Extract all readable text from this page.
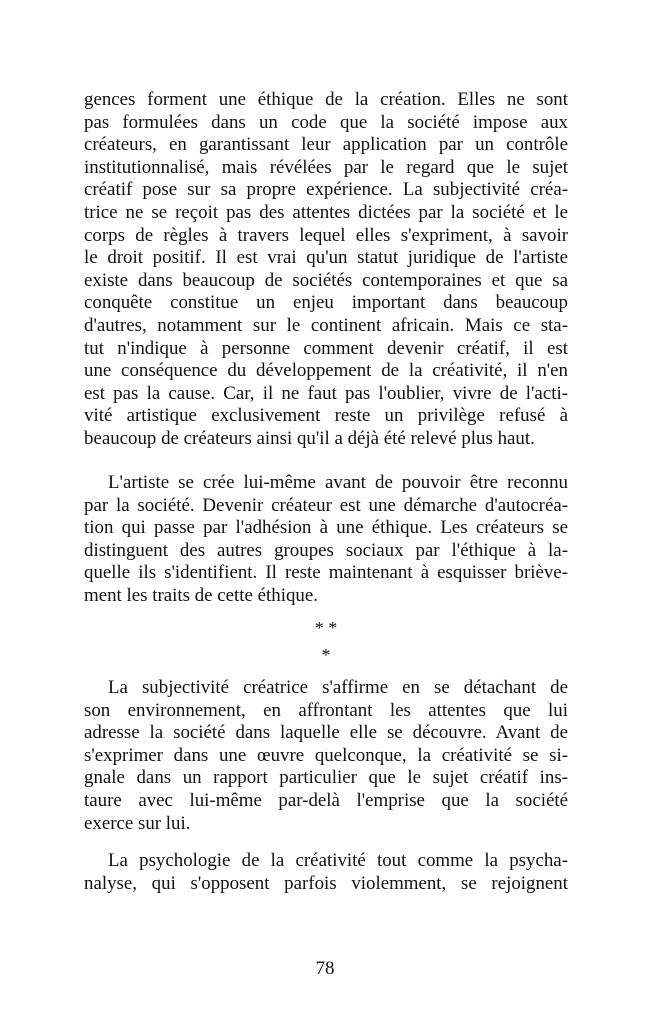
gences forment une éthique de la création. Elles ne sont
pas formulées dans un code que la société impose aux
créateurs, en garantissant leur application par un contrôle
institutionnalisé, mais révélées par le regard que le sujet
créatif pose sur sa propre expérience. La subjectivité créa-
trice ne se reçoit pas des attentes dictées par la société et le
corps de règles à travers lequel elles s'expriment, à savoir
le droit positif. Il est vrai qu'un statut juridique de l'artiste
existe dans beaucoup de sociétés contemporaines et que sa
conquête constitue un enjeu important dans beaucoup
d'autres, notamment sur le continent africain. Mais ce sta-
tut n'indique à personne comment devenir créatif, il est
une conséquence du développement de la créativité, il n'en
est pas la cause. Car, il ne faut pas l'oublier, vivre de l'acti-
vité artistique exclusivement reste un privilège refusé à
beaucoup de créateurs ainsi qu'il a déjà été relevé plus haut.
L'artiste se crée lui-même avant de pouvoir être reconnu
par la société. Devenir créateur est une démarche d'autocréa-
tion qui passe par l'adhésion à une éthique. Les créateurs se
distinguent des autres groupes sociaux par l'éthique à la-
quelle ils s'identifient. Il reste maintenant à esquisser briève-
ment les traits de cette éthique.
* *
*
La subjectivité créatrice s'affirme en se détachant de
son environnement, en affrontant les attentes que lui
adresse la société dans laquelle elle se découvre. Avant de
s'exprimer dans une œuvre quelconque, la créativité se si-
gnale dans un rapport particulier que le sujet créatif ins-
taure avec lui-même par-delà l'emprise que la société
exerce sur lui.
La psychologie de la créativité tout comme la psycha-
nalyse, qui s'opposent parfois violemment, se rejoignent
78
